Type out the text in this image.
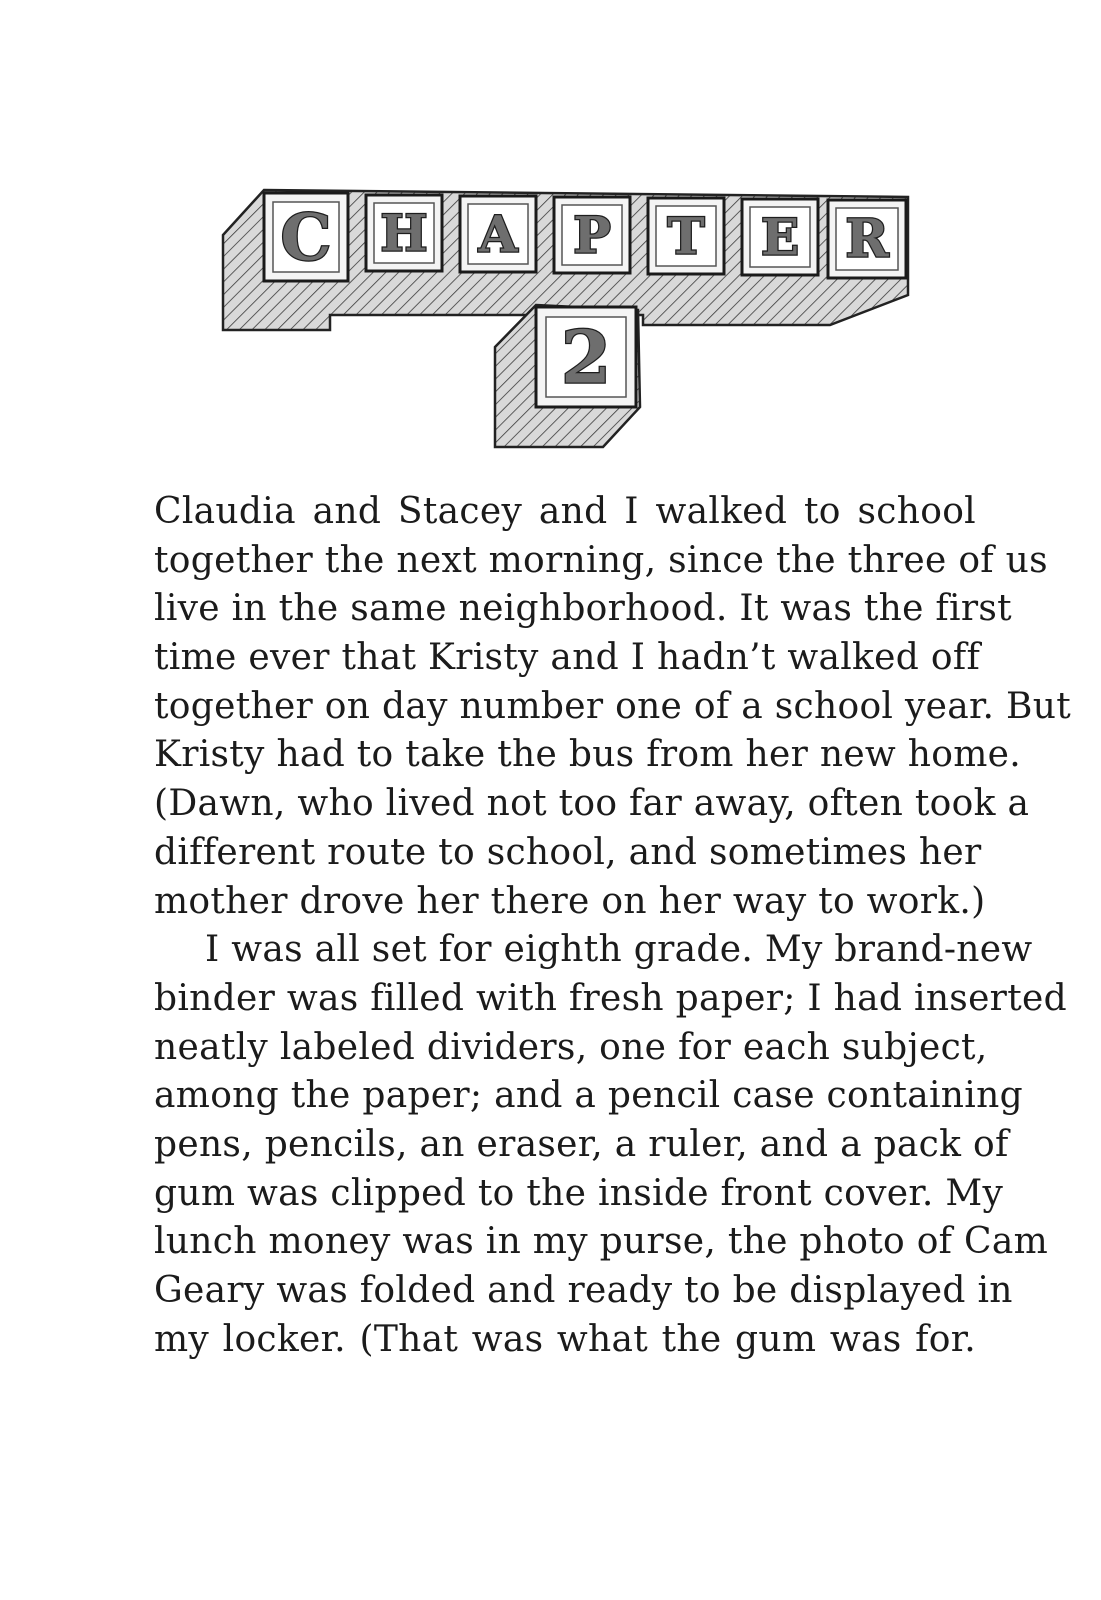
C H A P T E R
2
Claudia and Stacey and I walked to school
together the next morning, since the three of us
live in the same neighborhood. It was the first
time ever that Kristy and I hadn’t walked off
together on day number one of a school year. But
Kristy had to take the bus from her new home.
(Dawn, who lived not too far away, often took a
different route to school, and sometimes her
mother drove her there on her way to work.)
I was all set for eighth grade. My brand-new
binder was filled with fresh paper; I had inserted
neatly labeled dividers, one for each subject,
among the paper; and a pencil case containing
pens, pencils, an eraser, a ruler, and a pack of
gum was clipped to the inside front cover. My
lunch money was in my purse, the photo of Cam
Geary was folded and ready to be displayed in
my locker. (That was what the gum was for.
